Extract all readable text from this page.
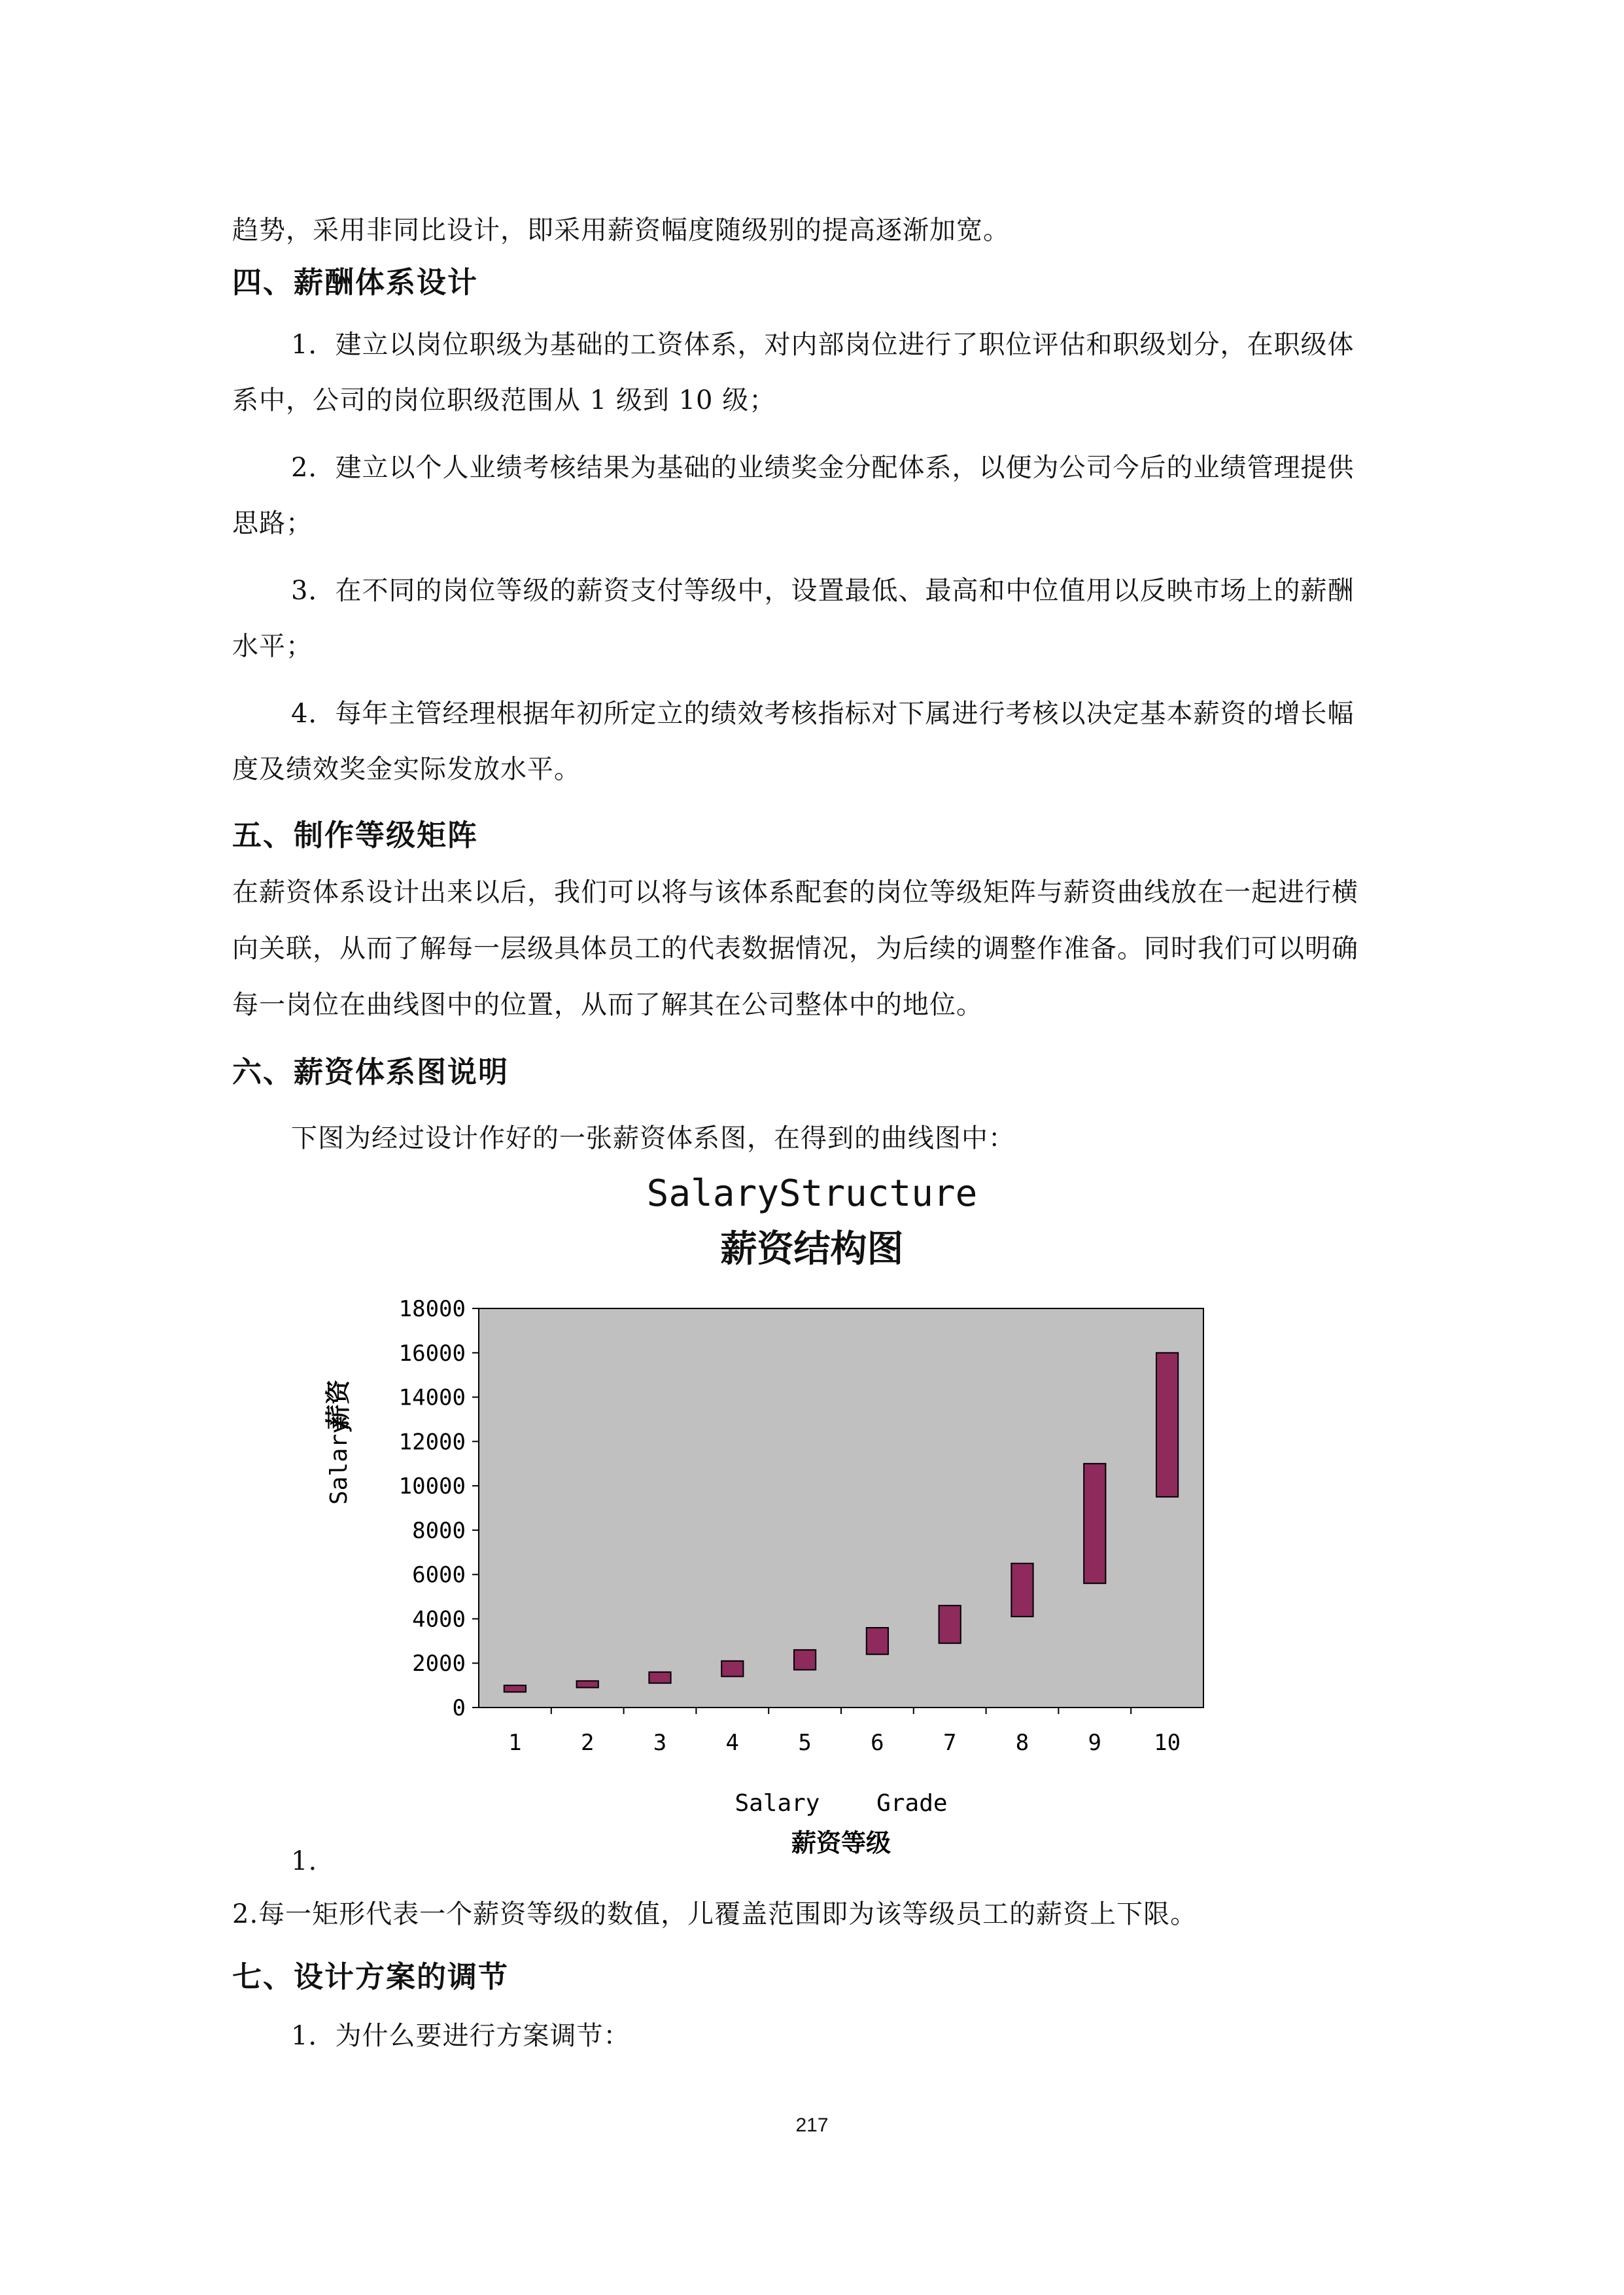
趋势，采用非同比设计，即采用薪资幅度随级别的提高逐渐加宽。
四、薪酬体系设计
1．建立以岗位职级为基础的工资体系，对内部岗位进行了职位评估和职级划分，在职级体
系中，公司的岗位职级范围从 1 级到 10 级；
2．建立以个人业绩考核结果为基础的业绩奖金分配体系，以便为公司今后的业绩管理提供
思路；
3．在不同的岗位等级的薪资支付等级中，设置最低、最高和中位值用以反映市场上的薪酬
水平；
4．每年主管经理根据年初所定立的绩效考核指标对下属进行考核以决定基本薪资的增长幅
度及绩效奖金实际发放水平。
五、制作等级矩阵
在薪资体系设计出来以后，我们可以将与该体系配套的岗位等级矩阵与薪资曲线放在一起进行横
向关联，从而了解每一层级具体员工的代表数据情况，为后续的调整作准备。同时我们可以明确
每一岗位在曲线图中的位置，从而了解其在公司整体中的地位。
六、薪资体系图说明
下图为经过设计作好的一张薪资体系图，在得到的曲线图中：
SalaryStructure
薪资结构图
0
2000
4000
6000
8000
10000
12000
14000
16000
18000
1	2	3	4	5	6	7	8	9 10
Salary
薪资
Salary    Grade
薪资等级
1.
2.每一矩形代表一个薪资等级的数值，儿覆盖范围即为该等级员工的薪资上下限。
七、设计方案的调节
1．为什么要进行方案调节：
217
